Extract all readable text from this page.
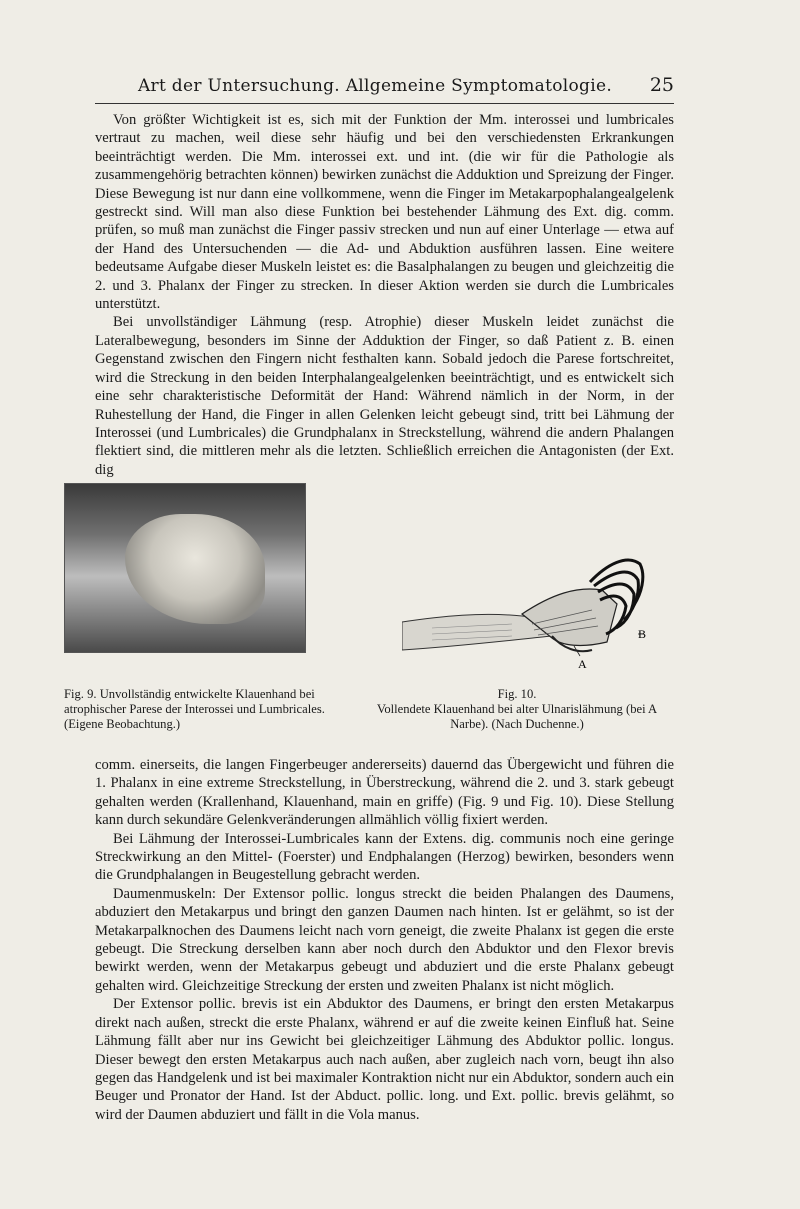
Art der Untersuchung. Allgemeine Symptomatologie.	25

Von größter Wichtigkeit ist es, sich mit der Funktion der Mm. interossei und lumbricales vertraut zu machen, weil diese sehr häufig und bei den verschiedensten Erkrankungen beeinträchtigt werden. Die Mm. interossei ext. und int. (die wir für die Pathologie als zusammengehörig betrachten können) bewirken zunächst die Adduktion und Spreizung der Finger. Diese Bewegung ist nur dann eine vollkommene, wenn die Finger im Metakarpophalangealgelenk gestreckt sind. Will man also diese Funktion bei bestehender Lähmung des Ext. dig. comm. prüfen, so muß man zunächst die Finger passiv strecken und nun auf einer Unterlage — etwa auf der Hand des Untersuchenden — die Ad- und Abduktion ausführen lassen. Eine weitere bedeutsame Aufgabe dieser Muskeln leistet es: die Basalphalangen zu beugen und gleichzeitig die 2. und 3. Phalanx der Finger zu strecken. In dieser Aktion werden sie durch die Lumbricales unterstützt.

Bei unvollständiger Lähmung (resp. Atrophie) dieser Muskeln leidet zunächst die Lateralbewegung, besonders im Sinne der Adduktion der Finger, so daß Patient z. B. einen Gegenstand zwischen den Fingern nicht festhalten kann. Sobald jedoch die Parese fortschreitet, wird die Streckung in den beiden Interphalangealgelenken beeinträchtigt, und es entwickelt sich eine sehr charakteristische Deformität der Hand: Während nämlich in der Norm, in der Ruhestellung der Hand, die Finger in allen Gelenken leicht gebeugt sind, tritt bei Lähmung der Interossei (und Lumbricales) die Grundphalanx in Streckstellung, während die andern Phalangen flektiert sind, die mittleren mehr als die letzten. Schließlich erreichen die Antagonisten (der Ext. dig

A
B
Fig. 9. Unvollständig entwickelte Klauenhand bei atrophischer Parese der Interossei und Lumbricales. (Eigene Beobachtung.)
Fig. 10.
Vollendete Klauenhand bei alter Ulnarislähmung (bei A Narbe). (Nach Duchenne.)

comm. einerseits, die langen Fingerbeuger andererseits) dauernd das Übergewicht und führen die 1. Phalanx in eine extreme Streckstellung, in Überstreckung, während die 2. und 3. stark gebeugt gehalten werden (Krallenhand, Klauenhand, main en griffe) (Fig. 9 und Fig. 10). Diese Stellung kann durch sekundäre Gelenkveränderungen allmählich völlig fixiert werden.

Bei Lähmung der Interossei-Lumbricales kann der Extens. dig. communis noch eine geringe Streckwirkung an den Mittel- (Foerster) und Endphalangen (Herzog) bewirken, besonders wenn die Grundphalangen in Beugestellung gebracht werden.

Daumenmuskeln: Der Extensor pollic. longus streckt die beiden Phalangen des Daumens, abduziert den Metakarpus und bringt den ganzen Daumen nach hinten. Ist er gelähmt, so ist der Metakarpalknochen des Daumens leicht nach vorn geneigt, die zweite Phalanx ist gegen die erste gebeugt. Die Streckung derselben kann aber noch durch den Abduktor und den Flexor brevis bewirkt werden, wenn der Metakarpus gebeugt und abduziert und die erste Phalanx gebeugt gehalten wird. Gleichzeitige Streckung der ersten und zweiten Phalanx ist nicht möglich.

Der Extensor pollic. brevis ist ein Abduktor des Daumens, er bringt den ersten Metakarpus direkt nach außen, streckt die erste Phalanx, während er auf die zweite keinen Einfluß hat. Seine Lähmung fällt aber nur ins Gewicht bei gleichzeitiger Lähmung des Abduktor pollic. longus. Dieser bewegt den ersten Metakarpus auch nach außen, aber zugleich nach vorn, beugt ihn also gegen das Handgelenk und ist bei maximaler Kontraktion nicht nur ein Abduktor, sondern auch ein Beuger und Pronator der Hand. Ist der Abduct. pollic. long. und Ext. pollic. brevis gelähmt, so wird der Daumen abduziert und fällt in die Vola manus.
